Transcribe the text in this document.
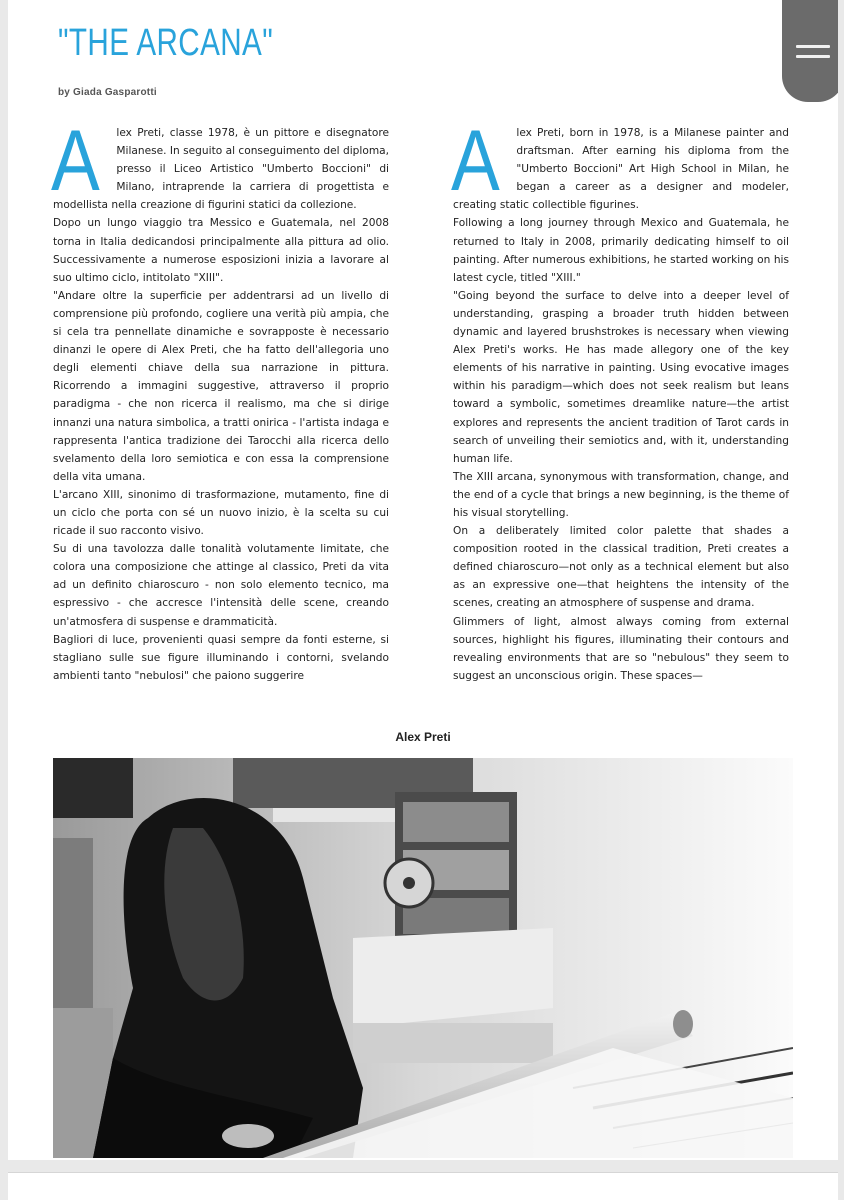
"THE ARCANA"
by Giada Gasparotti
A	lex Preti, classe 1978, è un pittore e disegnatore Milanese. In seguito al conseguimento del diploma, presso il Liceo Artistico "Umberto Boccioni" di Milano, intraprende la carriera di progettista e modellista nella creazione di figurini statici da collezione.

Dopo un lungo viaggio tra Messico e Guatemala, nel 2008 torna in Italia dedicandosi principalmente alla pittura ad olio. Successivamente a numerose esposizioni inizia a lavorare al suo ultimo ciclo, intitolato "XIII".

"Andare oltre la superficie per addentrarsi ad un livello di comprensione più profondo, cogliere una verità più ampia, che si cela tra pennellate dinamiche e sovrapposte è necessario dinanzi le opere di Alex Preti, che ha fatto dell'allegoria uno degli elementi chiave della sua narrazione in pittura. Ricorrendo a immagini suggestive, attraverso il proprio paradigma - che non ricerca il realismo, ma che si dirige innanzi una natura simbolica, a tratti onirica - l'artista indaga e rappresenta l'antica tradizione dei Tarocchi alla ricerca dello svelamento della loro semiotica e con essa la comprensione della vita umana.

L'arcano XIII, sinonimo di trasformazione, mutamento, fine di un ciclo che porta con sé un nuovo inizio, è la scelta su cui ricade il suo racconto visivo.

Su di una tavolozza dalle tonalità volutamente limitate, che colora una composizione che attinge al classico, Preti da vita ad un definito chiaroscuro - non solo elemento tecnico, ma espressivo - che accresce l'intensità delle scene, creando un'atmosfera di suspense e drammaticità.

Bagliori di luce, provenienti quasi sempre da fonti esterne, si stagliano sulle sue figure illuminando i contorni, svelando ambienti tanto "nebulosi" che paiono suggerire

A	lex Preti, born in 1978, is a Milanese painter and draftsman. After earning his diploma from the "Umberto Boccioni" Art High School in Milan, he began a career as a designer and modeler, creating static collectible figurines.

Following a long journey through Mexico and Guatemala, he returned to Italy in 2008, primarily dedicating himself to oil painting. After numerous exhibitions, he started working on his latest cycle, titled "XIII."

"Going beyond the surface to delve into a deeper level of understanding, grasping a broader truth hidden between dynamic and layered brushstrokes is necessary when viewing Alex Preti's works. He has made allegory one of the key elements of his narrative in painting. Using evocative images within his paradigm—which does not seek realism but leans toward a symbolic, sometimes dreamlike nature—the artist explores and represents the ancient tradition of Tarot cards in search of unveiling their semiotics and, with it, understanding human life.

The XIII arcana, synonymous with transformation, change, and the end of a cycle that brings a new beginning, is the theme of his visual storytelling.

On a deliberately limited color palette that shades a composition rooted in the classical tradition, Preti creates a defined chiaroscuro—not only as a technical element but also as an expressive one—that heightens the intensity of the scenes, creating an atmosphere of suspense and drama.

Glimmers of light, almost always coming from external sources, highlight his figures, illuminating their contours and revealing environments that are so "nebulous" they seem to suggest an unconscious origin. These spaces—

Alex Preti
